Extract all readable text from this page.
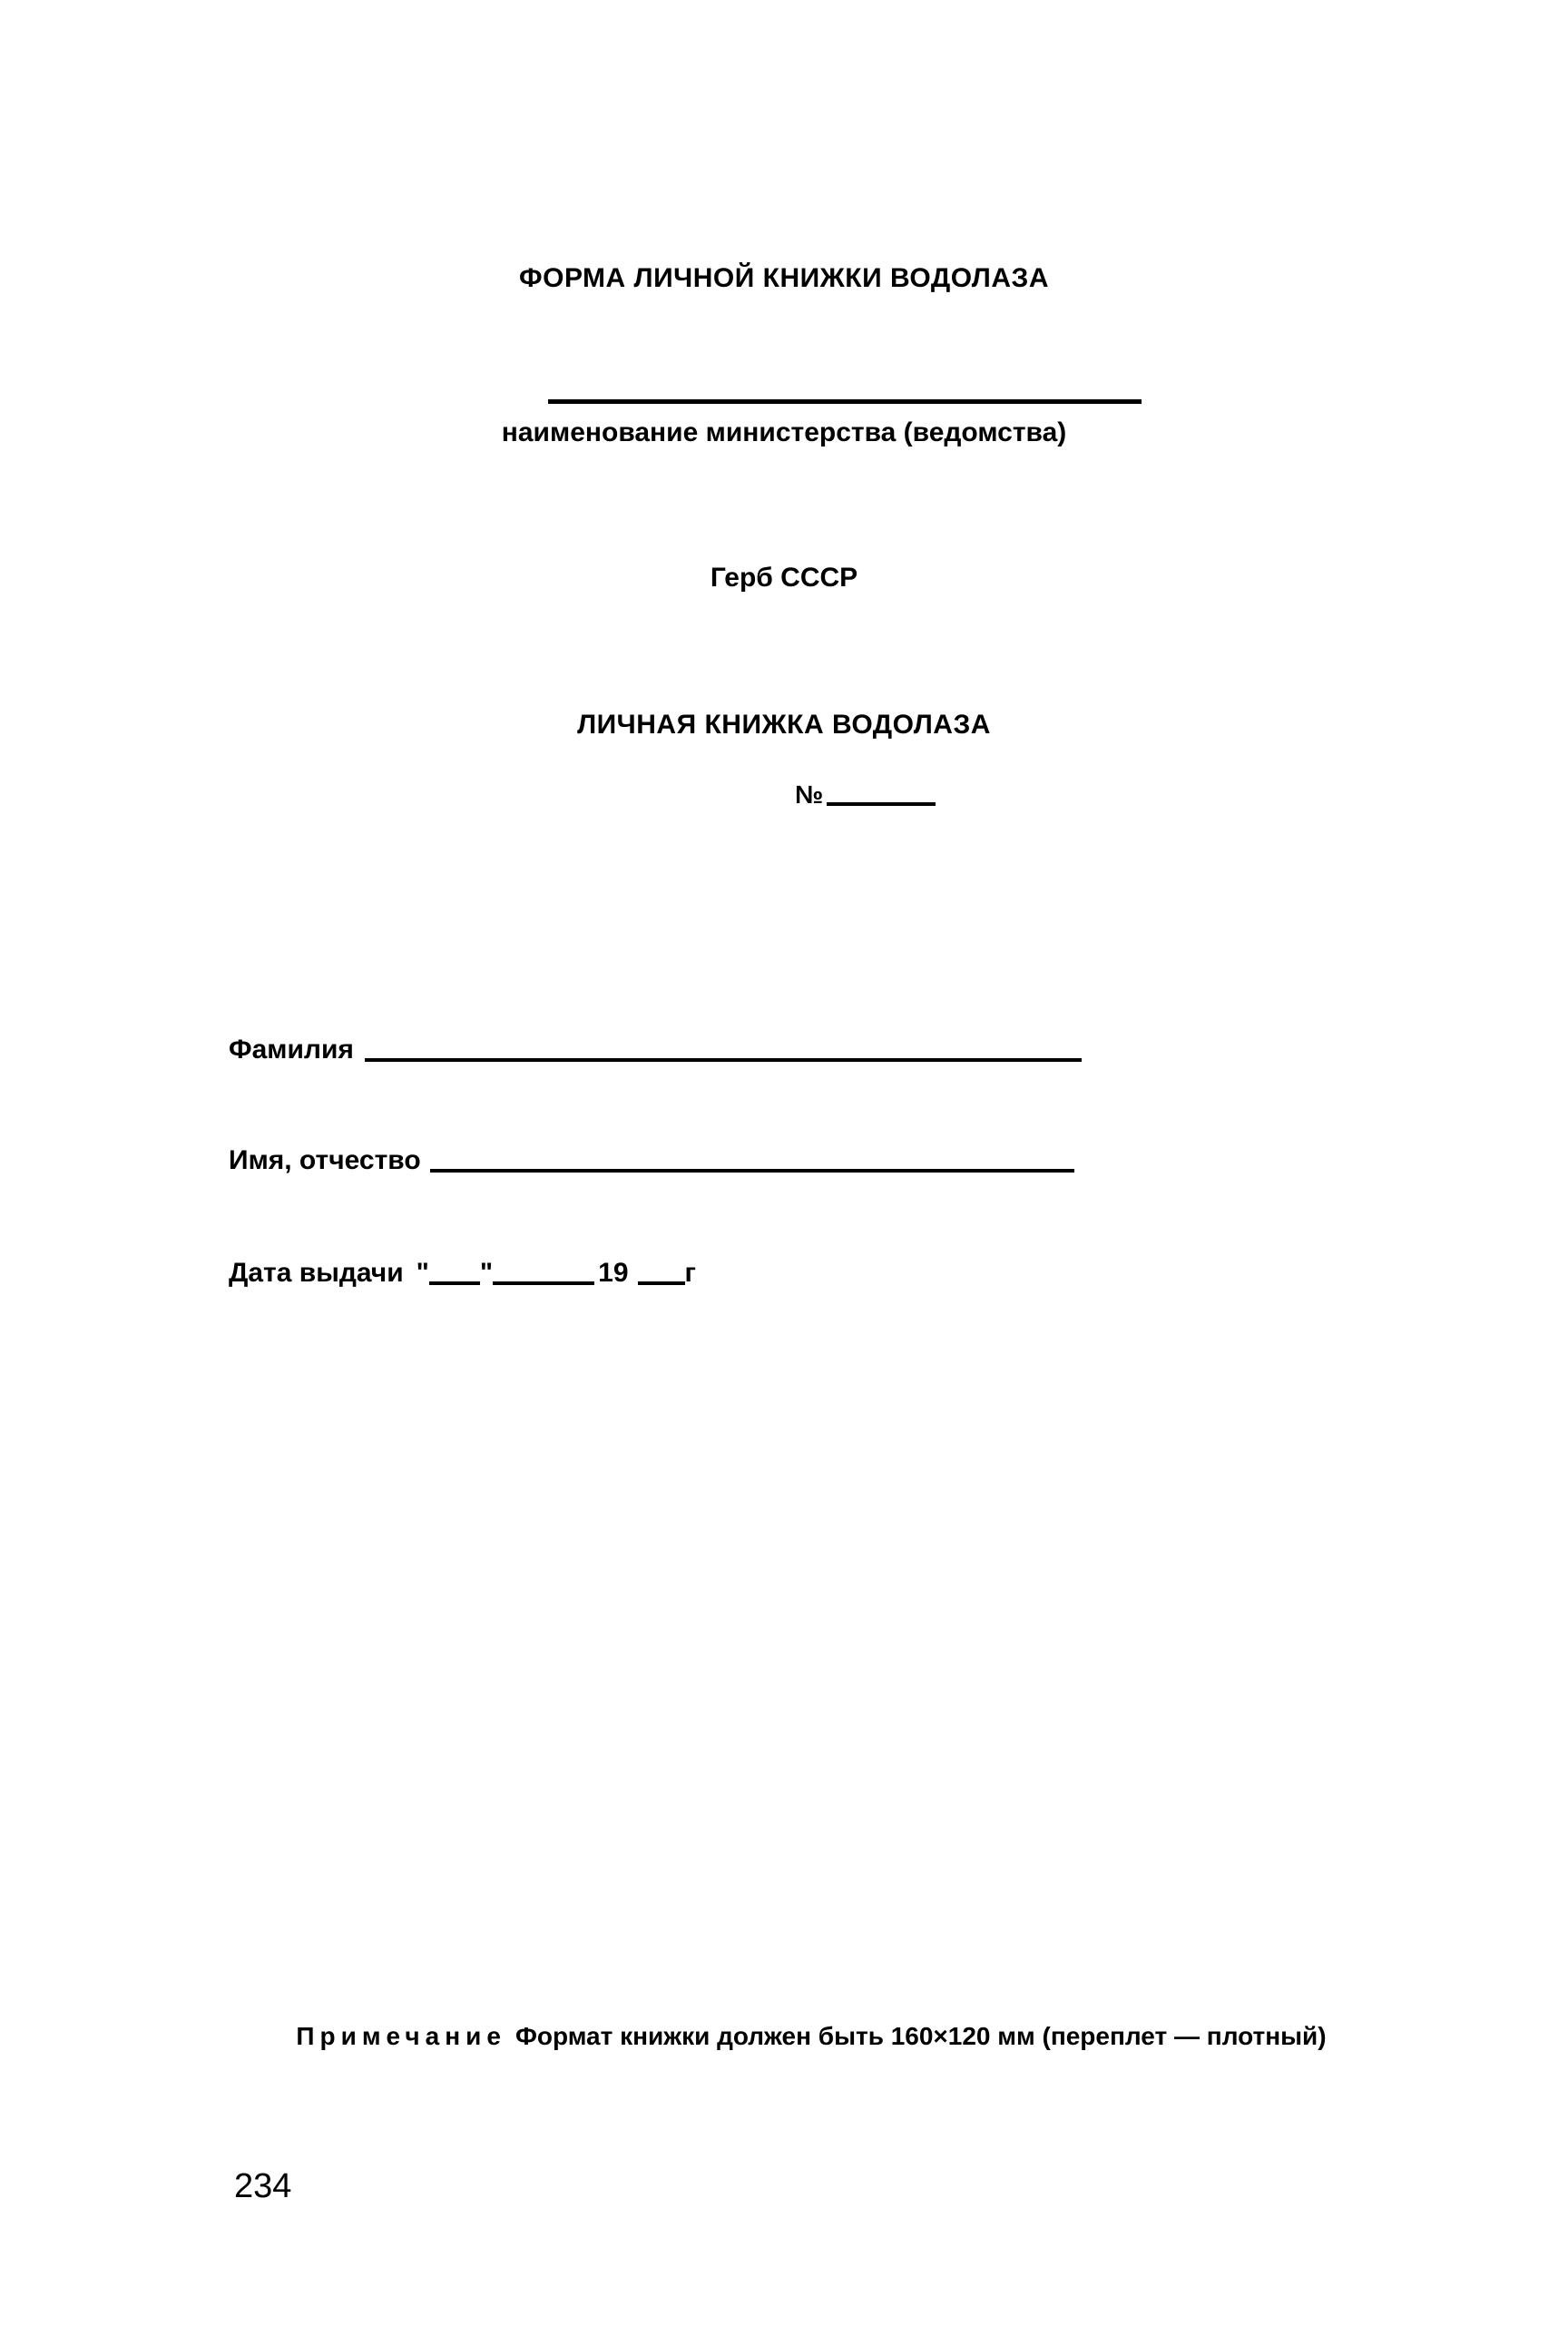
ФОРМА ЛИЧНОЙ КНИЖКИ ВОДОЛАЗА
наименование министерства (ведомства)
Герб СССР
ЛИЧНАЯ КНИЖКА ВОДОЛАЗА
№
Фамилия
Имя, отчество
Дата выдачи " "	19 г
Примечание Формат книжки должен быть 160×120 мм (переплет — плотный)
234
